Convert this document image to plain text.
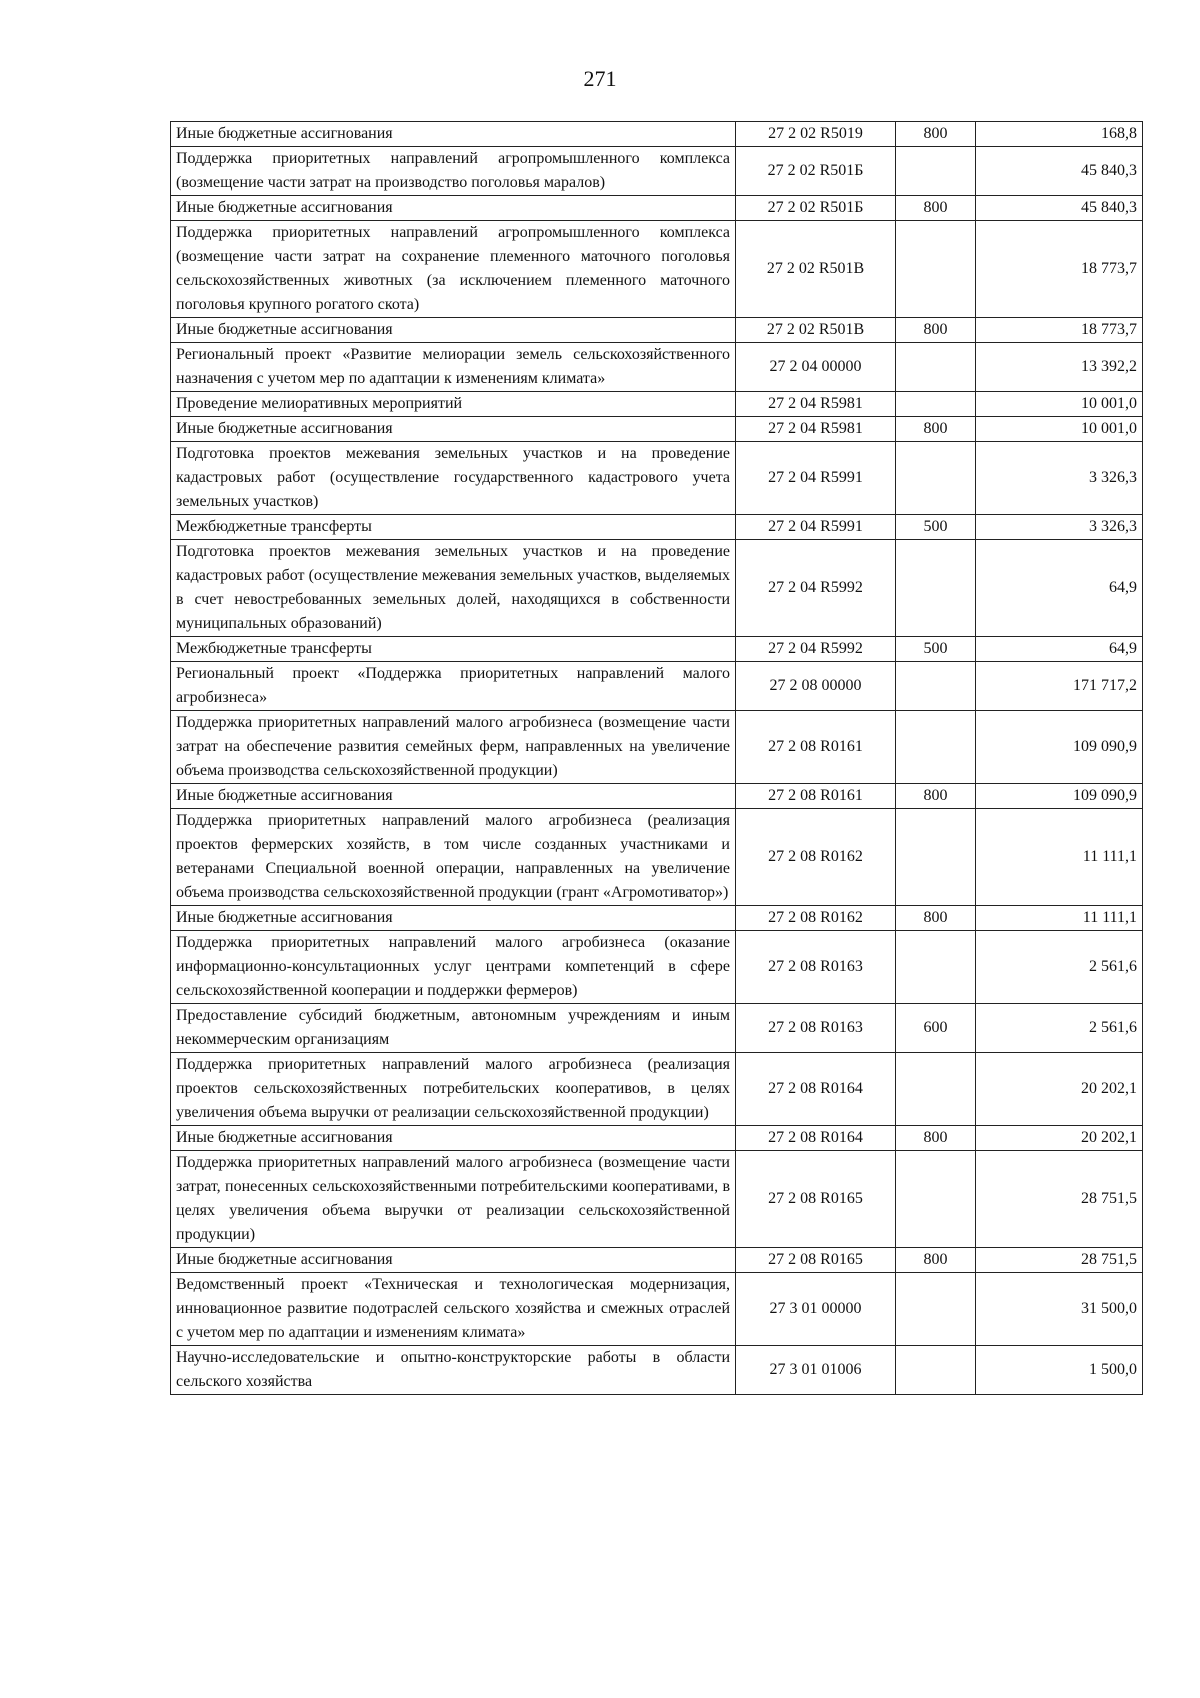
271
Иные бюджетные ассигнования	27 2 02 R5019	800	168,8
Поддержка приоритетных направлений агропромышленного комплекса (возмещение части затрат на производство поголовья маралов)	27 2 02 R501Б		45 840,3
Иные бюджетные ассигнования	27 2 02 R501Б	800	45 840,3
Поддержка приоритетных направлений агропромышленного комплекса (возмещение части затрат на сохранение племенного маточного поголовья сельскохозяйственных животных (за исключением племенного маточного поголовья крупного рогатого скота)	27 2 02 R501В		18 773,7
Иные бюджетные ассигнования	27 2 02 R501В	800	18 773,7
Региональный проект «Развитие мелиорации земель сельскохозяйственного назначения с учетом мер по адаптации к изменениям климата»	27 2 04 00000		13 392,2
Проведение мелиоративных мероприятий	27 2 04 R5981		10 001,0
Иные бюджетные ассигнования	27 2 04 R5981	800	10 001,0
Подготовка проектов межевания земельных участков и на проведение кадастровых работ (осуществление государственного кадастрового учета земельных участков)	27 2 04 R5991		3 326,3
Межбюджетные трансферты	27 2 04 R5991	500	3 326,3
Подготовка проектов межевания земельных участков и на проведение кадастровых работ (осуществление межевания земельных участков, выделяемых в счет невостребованных земельных долей, находящихся в собственности муниципальных образований)	27 2 04 R5992		64,9
Межбюджетные трансферты	27 2 04 R5992	500	64,9
Региональный проект «Поддержка приоритетных направлений малого агробизнеса»	27 2 08 00000		171 717,2
Поддержка приоритетных направлений малого агробизнеса (возмещение части затрат на обеспечение развития семейных ферм, направленных на увеличение объема производства сельскохозяйственной продукции)	27 2 08 R0161		109 090,9
Иные бюджетные ассигнования	27 2 08 R0161	800	109 090,9
Поддержка приоритетных направлений малого агробизнеса (реализация проектов фермерских хозяйств, в том числе созданных участниками и ветеранами Специальной военной операции, направленных на увеличение объема производства сельскохозяйственной продукции (грант «Агромотиватор»)	27 2 08 R0162		11 111,1
Иные бюджетные ассигнования	27 2 08 R0162	800	11 111,1
Поддержка приоритетных направлений малого агробизнеса (оказание информационно-консультационных услуг центрами компетенций в сфере сельскохозяйственной кооперации и поддержки фермеров)	27 2 08 R0163		2 561,6
Предоставление субсидий бюджетным, автономным учреждениям и иным некоммерческим организациям	27 2 08 R0163	600	2 561,6
Поддержка приоритетных направлений малого агробизнеса (реализация проектов сельскохозяйственных потребительских кооперативов, в целях увеличения объема выручки от реализации сельскохозяйственной продукции)	27 2 08 R0164		20 202,1
Иные бюджетные ассигнования	27 2 08 R0164	800	20 202,1
Поддержка приоритетных направлений малого агробизнеса (возмещение части затрат, понесенных сельскохозяйственными потребительскими кооперативами, в целях увеличения объема выручки от реализации сельскохозяйственной продукции)	27 2 08 R0165		28 751,5
Иные бюджетные ассигнования	27 2 08 R0165	800	28 751,5
Ведомственный проект «Техническая и технологическая модернизация, инновационное развитие подотраслей сельского хозяйства и смежных отраслей с учетом мер по адаптации и изменениям климата»	27 3 01 00000		31 500,0
Научно-исследовательские и опытно-конструкторские работы в области сельского хозяйства	27 3 01 01006		1 500,0
